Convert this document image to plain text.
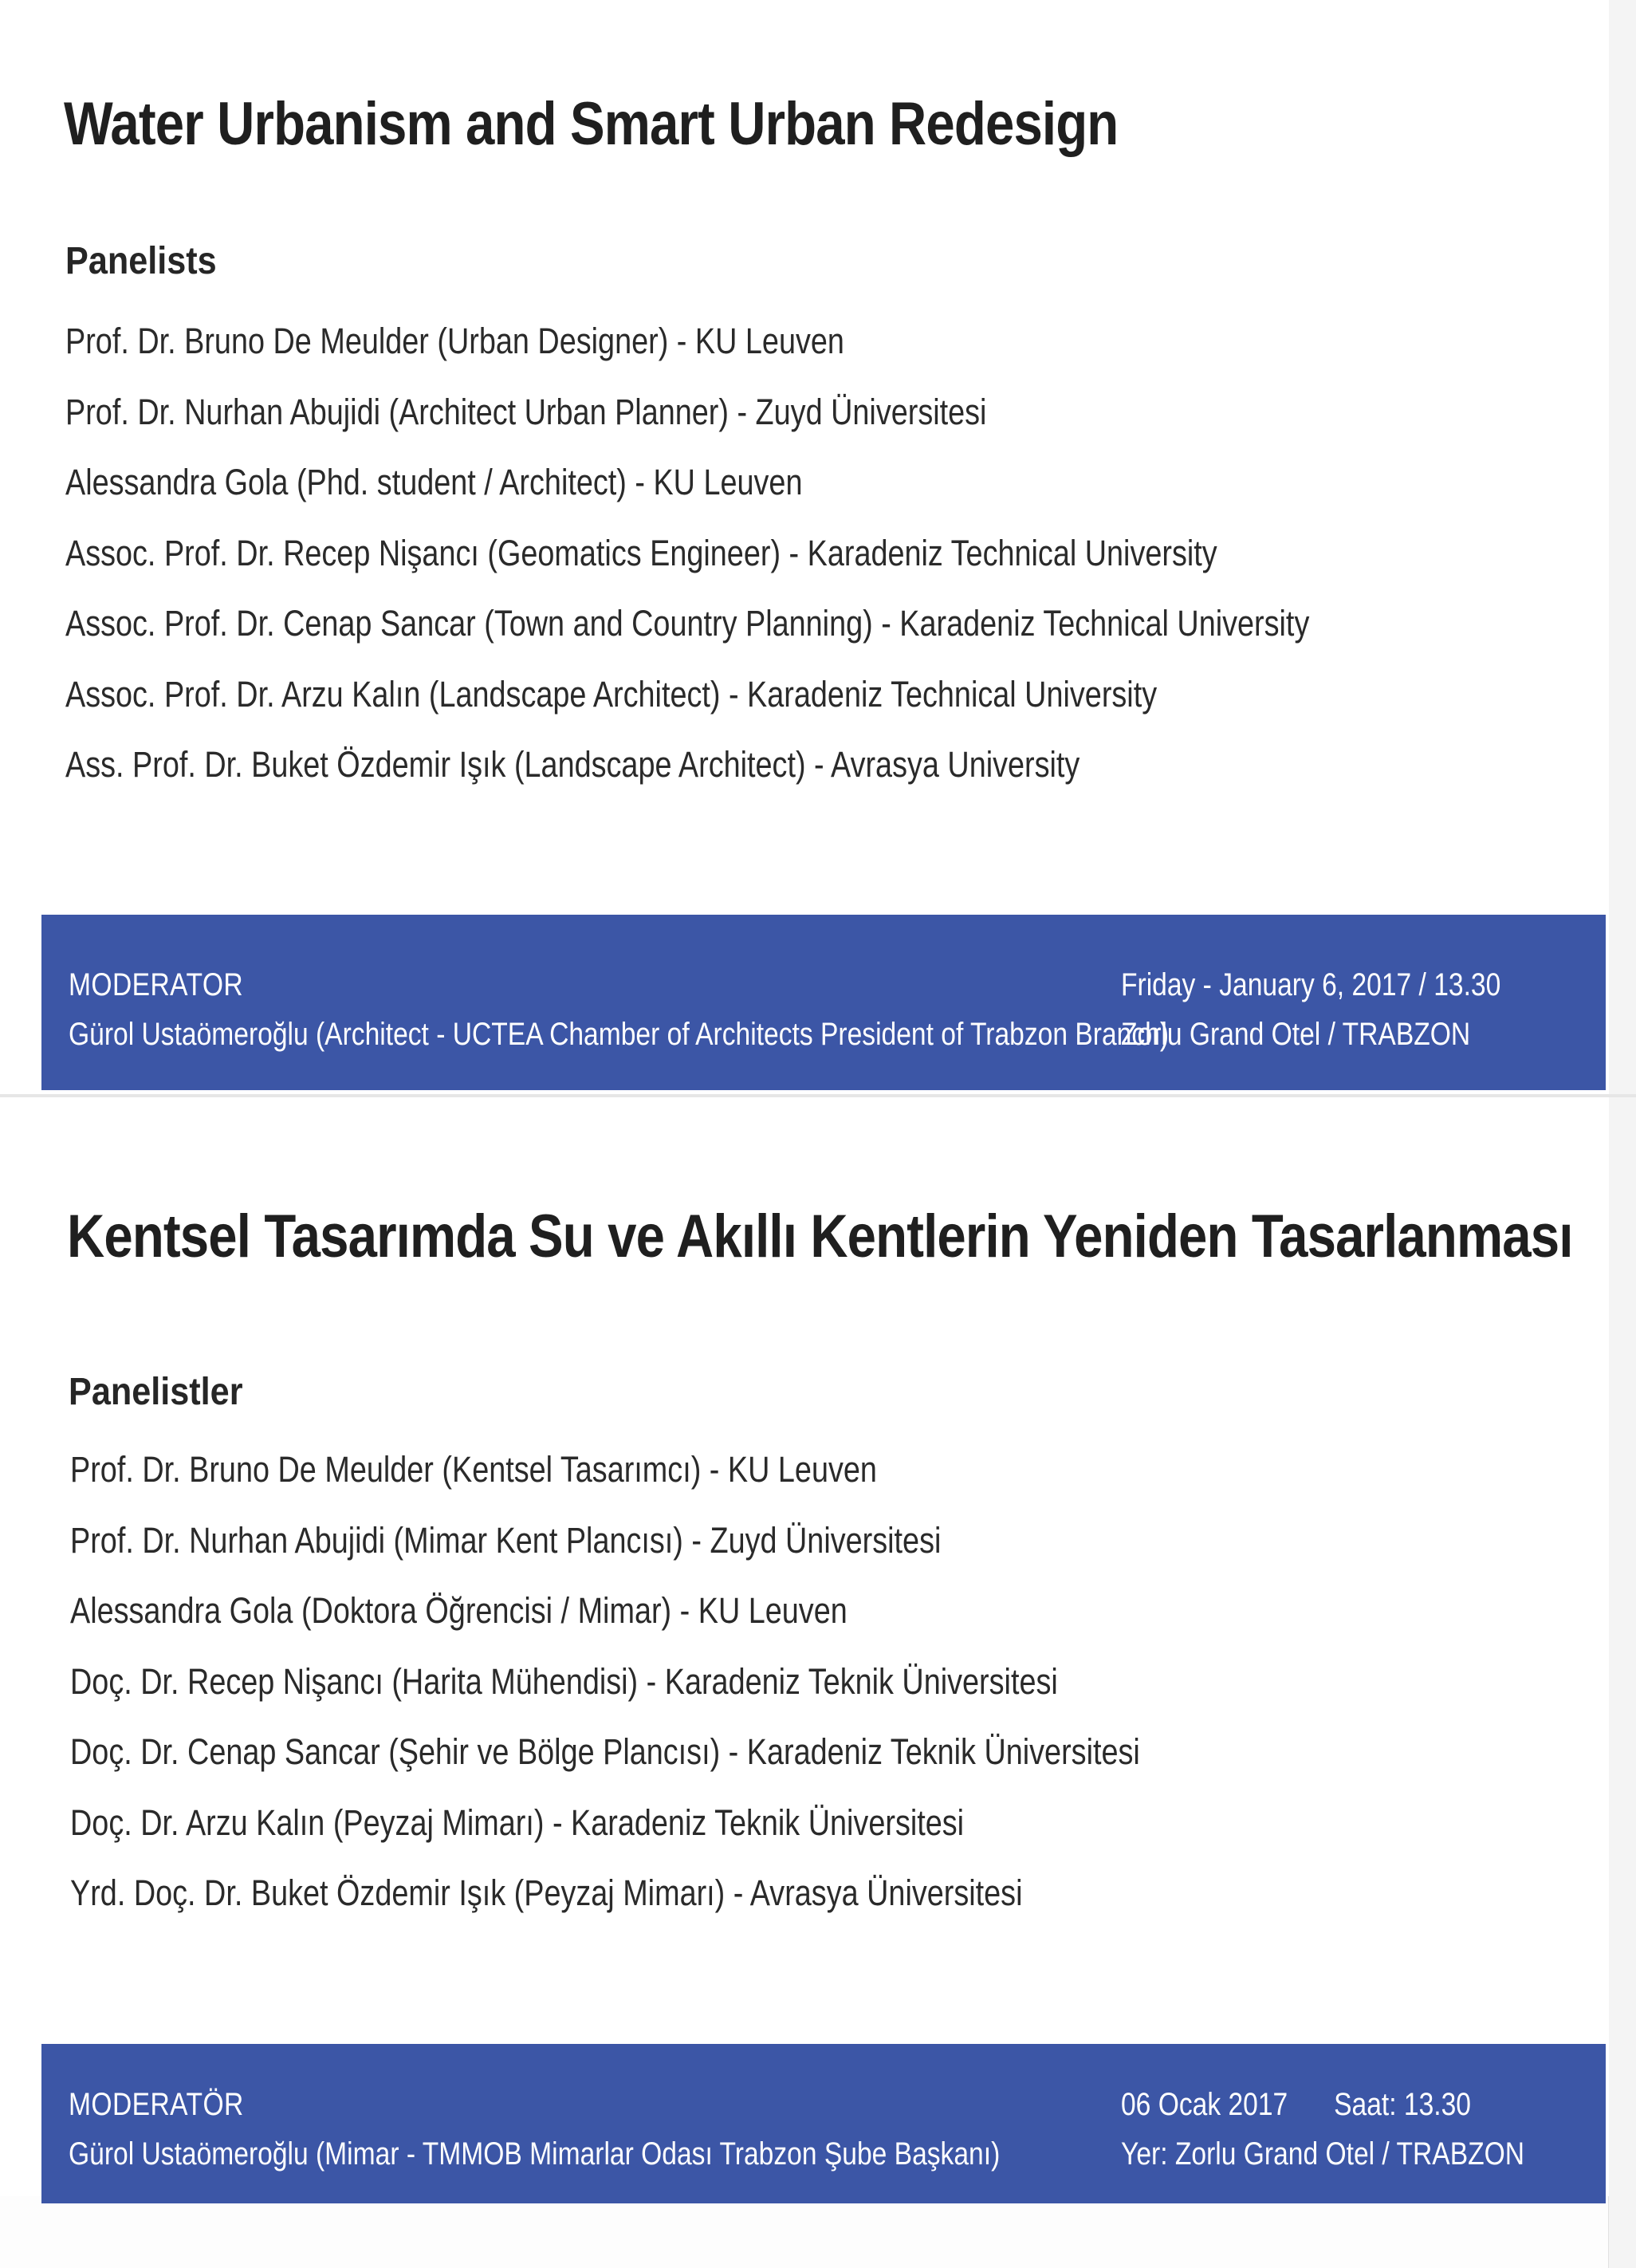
Water Urbanism and Smart Urban Redesign
Panelists
Prof. Dr. Bruno De Meulder (Urban Designer) - KU Leuven
Prof. Dr. Nurhan Abujidi (Architect Urban Planner) - Zuyd Üniversitesi
Alessandra Gola (Phd. student / Architect) - KU Leuven
Assoc. Prof. Dr. Recep Nişancı (Geomatics Engineer) - Karadeniz Technical University
Assoc. Prof. Dr. Cenap Sancar (Town and Country Planning) - Karadeniz Technical University
Assoc. Prof. Dr. Arzu Kalın (Landscape Architect) - Karadeniz Technical University
Ass. Prof. Dr. Buket Özdemir Işık (Landscape Architect) - Avrasya University
MODERATOR
Gürol Ustaömeroğlu (Architect - UCTEA Chamber of Architects President of Trabzon Branch)
Friday - January 6, 2017 / 13.30
Zorlu Grand Otel / TRABZON
Kentsel Tasarımda Su ve Akıllı Kentlerin Yeniden Tasarlanması
Panelistler
Prof. Dr. Bruno De Meulder (Kentsel Tasarımcı) - KU Leuven
Prof. Dr. Nurhan Abujidi (Mimar Kent Plancısı) - Zuyd Üniversitesi
Alessandra Gola (Doktora Öğrencisi / Mimar) - KU Leuven
Doç. Dr. Recep Nişancı (Harita Mühendisi) - Karadeniz Teknik Üniversitesi
Doç. Dr. Cenap Sancar (Şehir ve Bölge Plancısı) - Karadeniz Teknik Üniversitesi
Doç. Dr. Arzu Kalın (Peyzaj Mimarı) - Karadeniz Teknik Üniversitesi
Yrd. Doç. Dr. Buket Özdemir Işık (Peyzaj Mimarı) - Avrasya Üniversitesi
MODERATÖR
Gürol Ustaömeroğlu (Mimar - TMMOB Mimarlar Odası Trabzon Şube Başkanı)
06 Ocak 2017 Saat: 13.30
Yer: Zorlu Grand Otel / TRABZON
